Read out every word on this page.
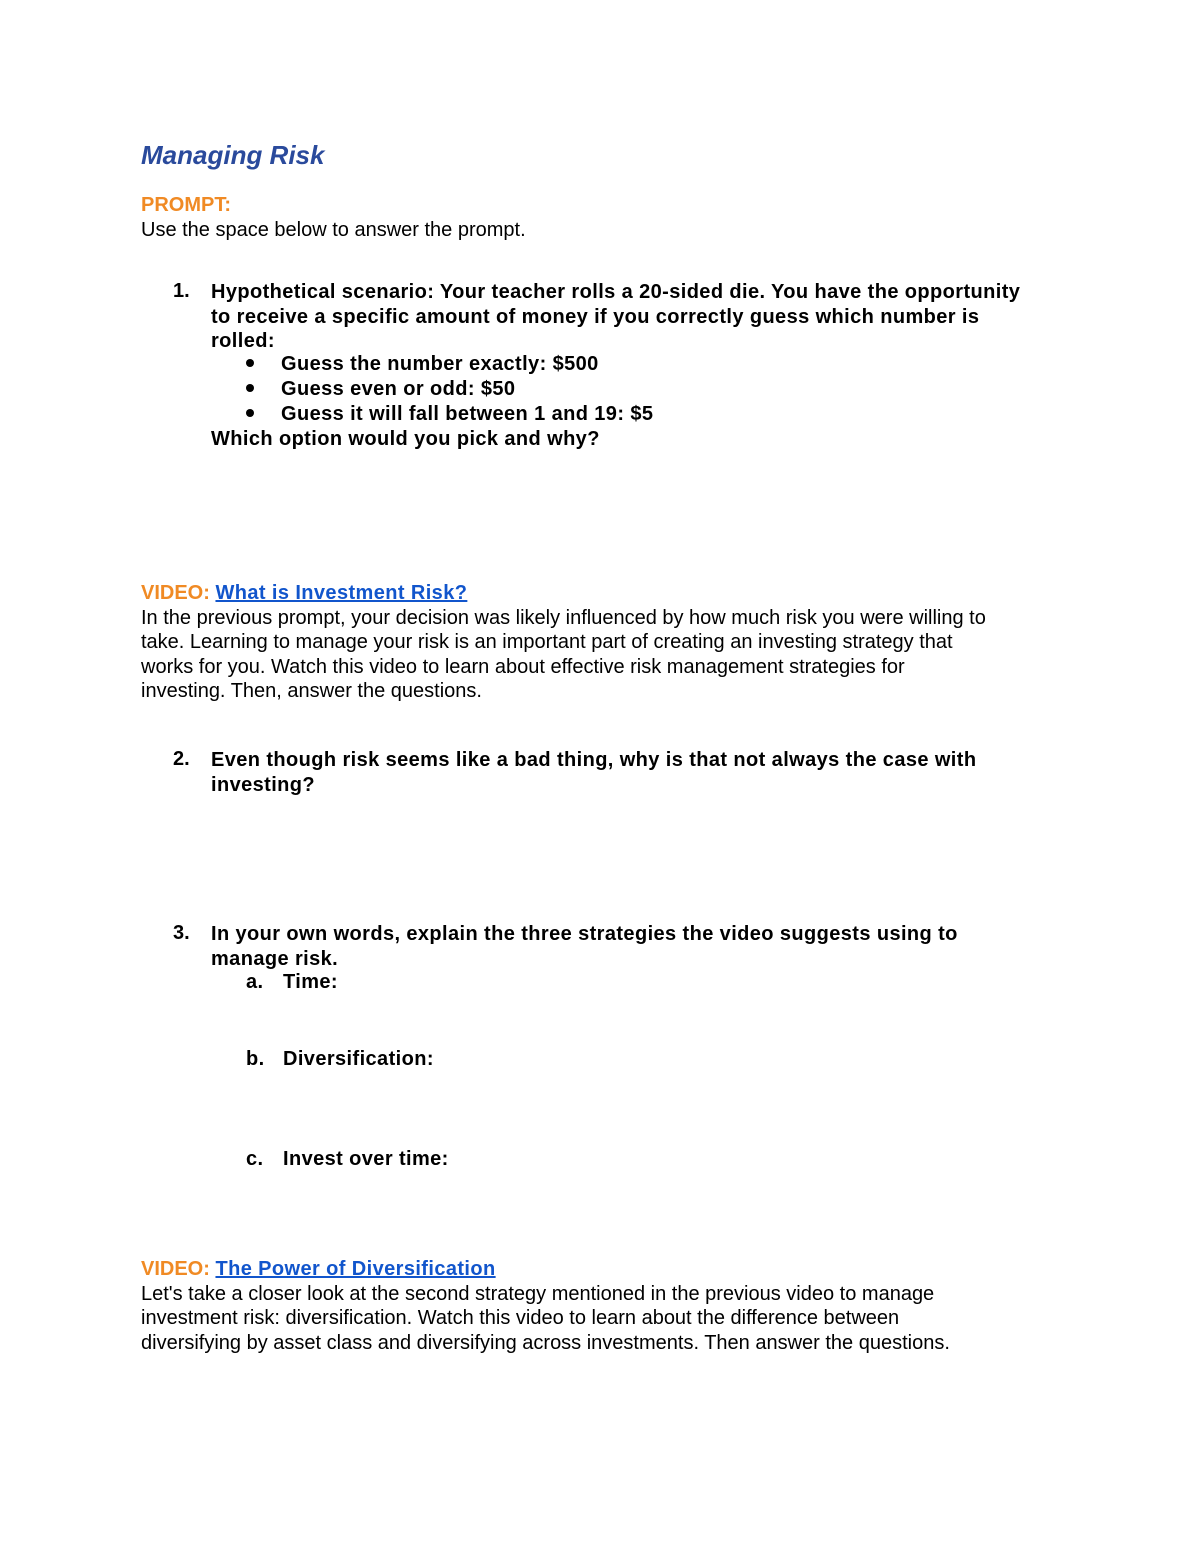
Managing Risk
PROMPT:
Use the space below to answer the prompt.
1. Hypothetical scenario: Your teacher rolls a 20-sided die. You have the opportunity
to receive a specific amount of money if you correctly guess which number is
rolled:
Guess the number exactly: $500
Guess even or odd: $50
Guess it will fall between 1 and 19: $5
Which option would you pick and why?
VIDEO: What is Investment Risk?
In the previous prompt, your decision was likely influenced by how much risk you were willing to
take. Learning to manage your risk is an important part of creating an investing strategy that
works for you. Watch this video to learn about effective risk management strategies for
investing. Then, answer the questions.
2. Even though risk seems like a bad thing, why is that not always the case with
investing?
3. In your own words, explain the three strategies the video suggests using to
manage risk.
a. Time:
b. Diversification:
c. Invest over time:
VIDEO: The Power of Diversification
Let's take a closer look at the second strategy mentioned in the previous video to manage
investment risk: diversification. Watch this video to learn about the difference between
diversifying by asset class and diversifying across investments. Then answer the questions.
